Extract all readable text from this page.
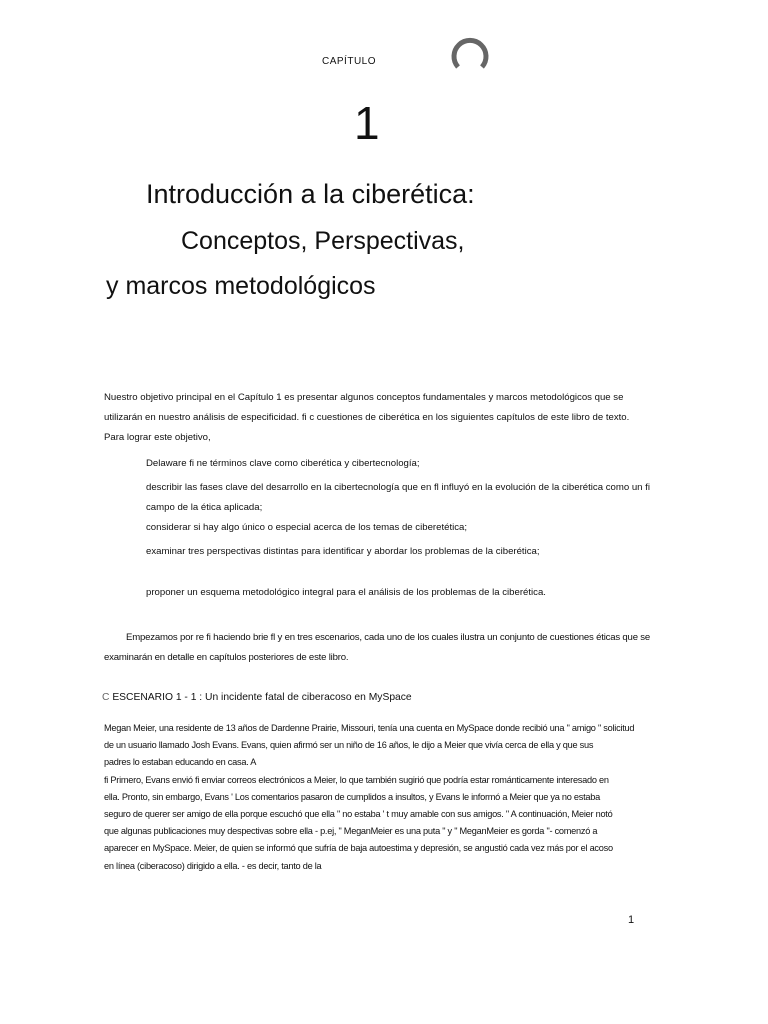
CAPÍTULO
1
Introducción a la ciberética:
Conceptos, Perspectivas,
y marcos metodológicos

Nuestro objetivo principal en el Capítulo 1 es presentar algunos conceptos fundamentales y marcos metodológicos que se utilizarán en nuestro análisis de especificidad. fi c cuestiones de ciberética en los siguientes capítulos de este libro de texto. Para lograr este objetivo,

Delaware fi ne términos clave como ciberética y cibertecnología;
describir las fases clave del desarrollo en la cibertecnología que en fl influyó en la evolución de la ciberética como un fi campo de la ética aplicada;
considerar si hay algo único o especial acerca de los temas de ciberetética;
examinar tres perspectivas distintas para identificar y abordar los problemas de la ciberética;
proponer un esquema metodológico integral para el análisis de los problemas de la ciberética.

Empezamos por re fi haciendo brie fl y en tres escenarios, cada uno de los cuales ilustra un conjunto de cuestiones éticas que se examinarán en detalle en capítulos posteriores de este libro.

C ESCENARIO 1 - 1 : Un incidente fatal de ciberacoso en MySpace
Megan Meier, una residente de 13 años de Dardenne Prairie, Missouri, tenía una cuenta en MySpace donde recibió una " amigo " solicitud
de un usuario llamado Josh Evans. Evans, quien afirmó ser un niño de 16 años, le dijo a Meier que vivía cerca de ella y que sus
padres lo estaban educando en casa. A
fi Primero, Evans envió fi enviar correos electrónicos a Meier, lo que también sugirió que podría estar románticamente interesado en
ella. Pronto, sin embargo, Evans ' Los comentarios pasaron de cumplidos a insultos, y Evans le informó a Meier que ya no estaba
seguro de querer ser amigo de ella porque escuchó que ella " no estaba ' t muy amable con sus amigos. " A continuación, Meier notó
que algunas publicaciones muy despectivas sobre ella - p.ej, " MeganMeier es una puta " y " MeganMeier es gorda "- comenzó a
aparecer en MySpace. Meier, de quien se informó que sufría de baja autoestima y depresión, se angustió cada vez más por el acoso
en línea (ciberacoso) dirigido a ella. - es decir, tanto de la
1
